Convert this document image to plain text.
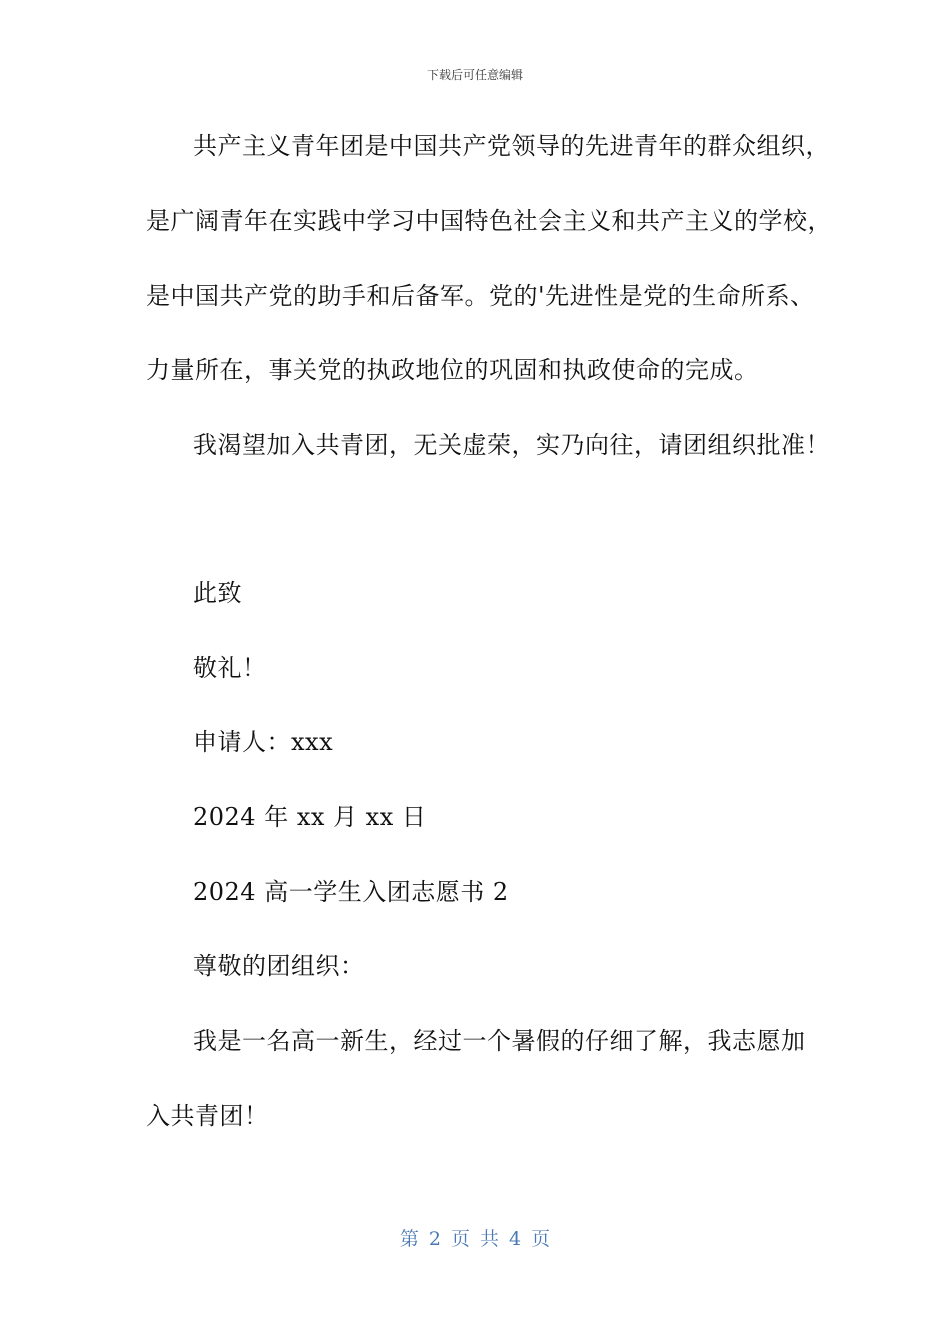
下载后可任意编辑
共产主义青年团是中国共产党领导的先进青年的群众组织，
是广阔青年在实践中学习中国特色社会主义和共产主义的学校，
是中国共产党的助手和后备军。党的'先进性是党的生命所系、
力量所在，事关党的执政地位的巩固和执政使命的完成。
我渴望加入共青团，无关虚荣，实乃向往，请团组织批准！
此致
敬礼！
申请人：xxx
2024 年 xx 月 xx 日
2024 高一学生入团志愿书 2
尊敬的团组织：
我是一名高一新生，经过一个暑假的仔细了解，我志愿加
入共青团！
第 2 页 共 4 页
